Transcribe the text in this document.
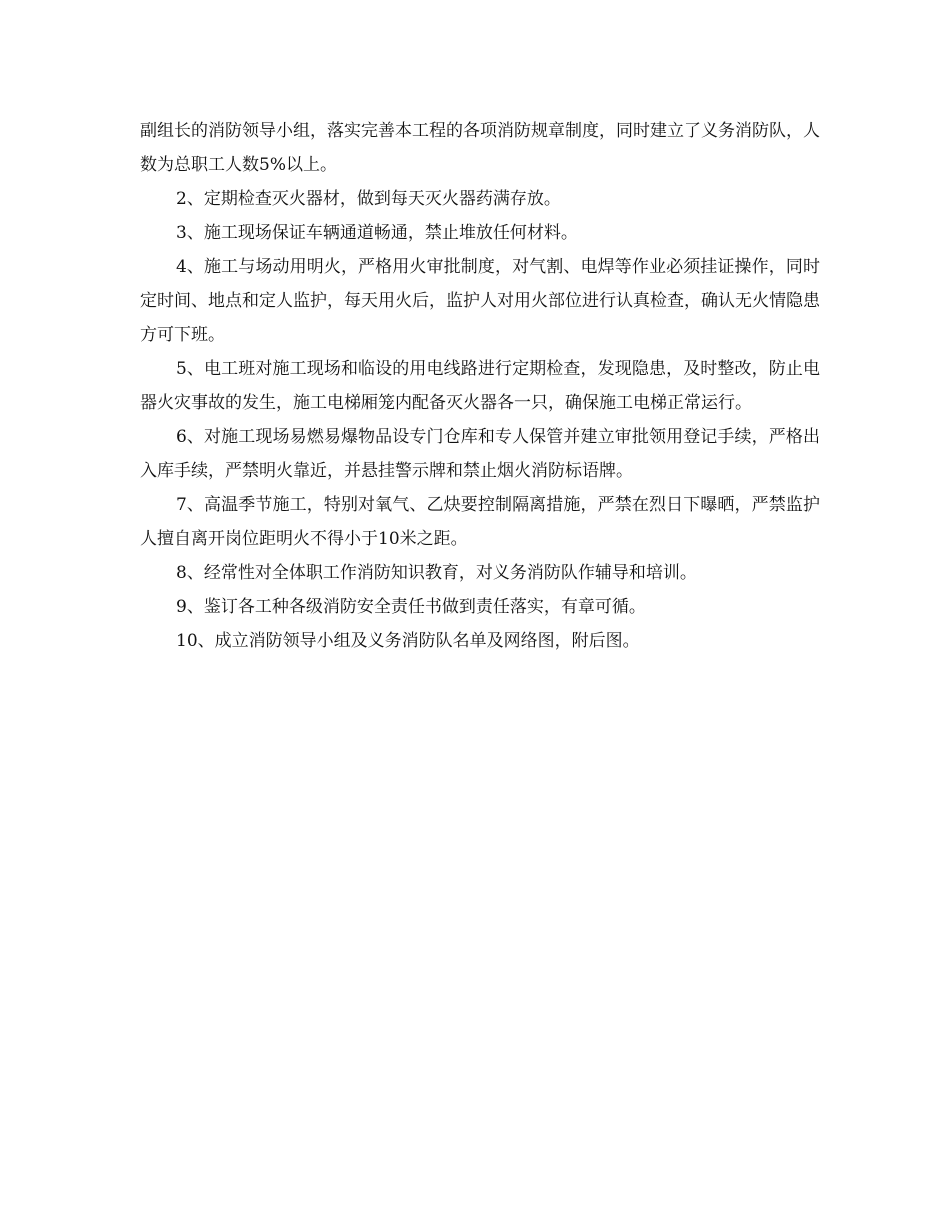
副组长的消防领导小组，落实完善本工程的各项消防规章制度，同时建立了义务消防队，人数为总职工人数5%以上。

2、定期检查灭火器材，做到每天灭火器药满存放。

3、施工现场保证车辆通道畅通，禁止堆放任何材料。

4、施工与场动用明火，严格用火审批制度，对气割、电焊等作业必须挂证操作，同时定时间、地点和定人监护，每天用火后，监护人对用火部位进行认真检查，确认无火情隐患方可下班。

5、电工班对施工现场和临设的用电线路进行定期检查，发现隐患，及时整改，防止电器火灾事故的发生，施工电梯厢笼内配备灭火器各一只，确保施工电梯正常运行。

6、对施工现场易燃易爆物品设专门仓库和专人保管并建立审批领用登记手续，严格出入库手续，严禁明火靠近，并悬挂警示牌和禁止烟火消防标语牌。

7、高温季节施工，特别对氧气、乙炔要控制隔离措施，严禁在烈日下曝晒，严禁监护人擅自离开岗位距明火不得小于10米之距。

8、经常性对全体职工作消防知识教育，对义务消防队作辅导和培训。

9、鉴订各工种各级消防安全责任书做到责任落实，有章可循。

10、成立消防领导小组及义务消防队名单及网络图，附后图。
